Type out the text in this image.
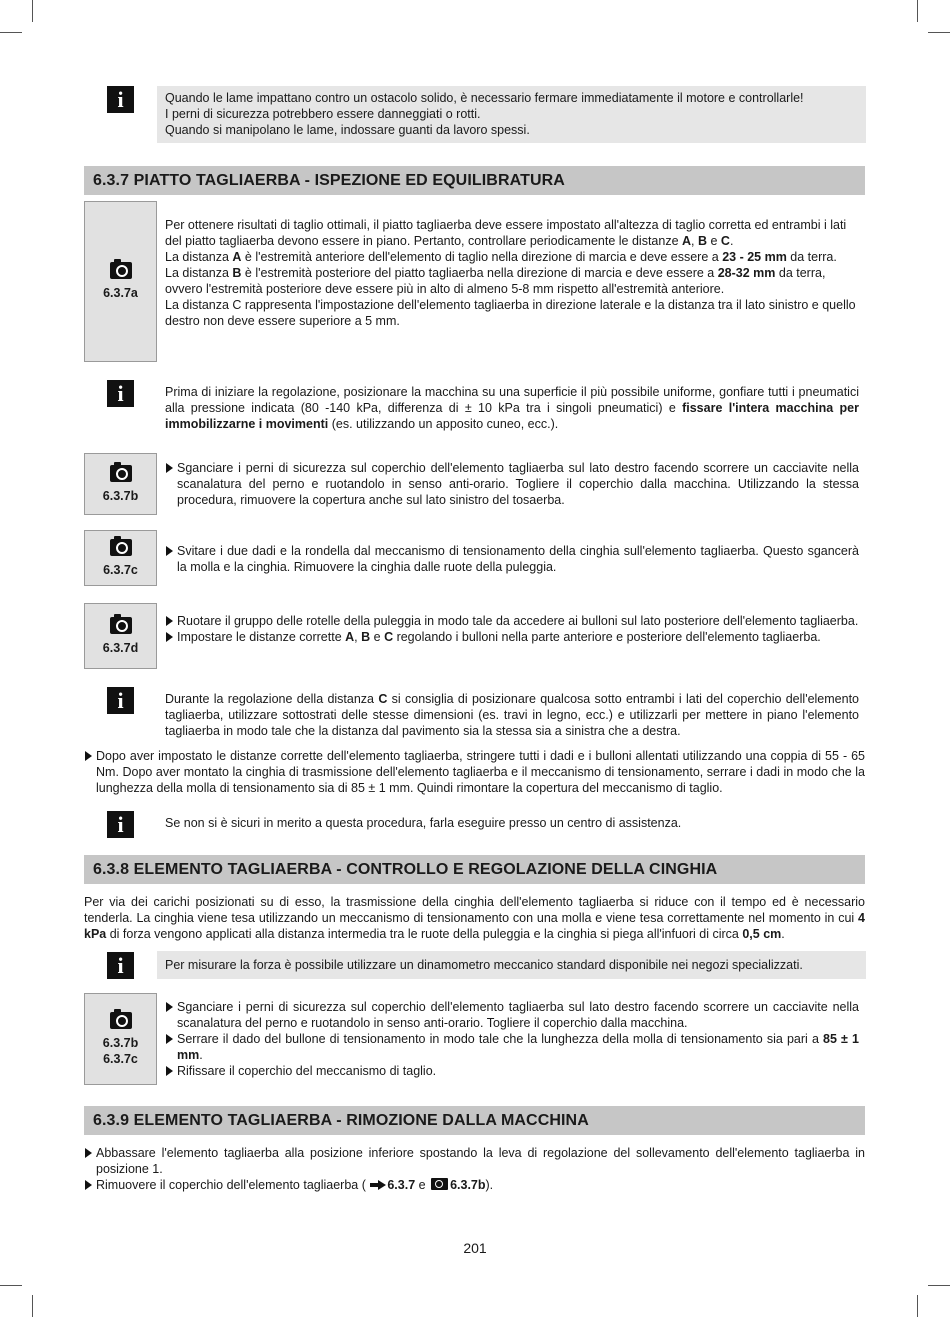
i	Quando le lame impattano contro un ostacolo solido, è necessario fermare immediatamente il motore e controllarle!
I perni di sicurezza potrebbero essere danneggiati o rotti.
Quando si manipolano le lame, indossare guanti da lavoro spessi.
6.3.7 PIATTO TAGLIAERBA - ISPEZIONE ED EQUILIBRATURA
6.3.7a
Per ottenere risultati di taglio ottimali, il piatto tagliaerba deve essere impostato all'altezza di taglio corretta ed entrambi i lati del piatto tagliaerba devono essere in piano. Pertanto, controllare periodicamente le distanze A, B e C.
La distanza A è l'estremità anteriore dell'elemento di taglio nella direzione di marcia e deve essere a 23 - 25 mm da terra.
La distanza B è l'estremità posteriore del piatto tagliaerba nella direzione di marcia e deve essere a 28-32 mm da terra, ovvero l'estremità posteriore deve essere più in alto di almeno 5-8 mm rispetto all'estremità anteriore.
La distanza C rappresenta l'impostazione dell'elemento tagliaerba in direzione laterale e la distanza tra il lato sinistro e quello destro non deve essere superiore a 5 mm.
i	Prima di iniziare la regolazione, posizionare la macchina su una superficie il più possibile uniforme, gonfiare tutti i pneumatici alla pressione indicata (80 -140 kPa, differenza di ± 10 kPa tra i singoli pneumatici) e fissare l'intera macchina per immobilizzarne i movimenti (es. utilizzando un apposito cuneo, ecc.).
6.3.7b
Sganciare i perni di sicurezza sul coperchio dell'elemento tagliaerba sul lato destro facendo scorrere un cacciavite nella scanalatura del perno e ruotandolo in senso anti-orario. Togliere il coperchio dalla macchina. Utilizzando la stessa procedura, rimuovere la copertura anche sul lato sinistro del tosaerba.
6.3.7c
Svitare i due dadi e la rondella dal meccanismo di tensionamento della cinghia sull'elemento tagliaerba. Questo sgancerà la molla e la cinghia. Rimuovere la cinghia dalle ruote della puleggia.
6.3.7d
Ruotare il gruppo delle rotelle della puleggia in modo tale da accedere ai bulloni sul lato posteriore dell'elemento tagliaerba.
Impostare le distanze corrette A, B e C regolando i bulloni nella parte anteriore e posteriore dell'elemento tagliaerba.
i	Durante la regolazione della distanza C si consiglia di posizionare qualcosa sotto entrambi i lati del coperchio dell'elemento tagliaerba, utilizzare sottostrati delle stesse dimensioni (es. travi in legno, ecc.) e utilizzarli per mettere in piano l'elemento tagliaerba in modo tale che la distanza dal pavimento sia la stessa sia a sinistra che a destra.
Dopo aver impostato le distanze corrette dell'elemento tagliaerba, stringere tutti i dadi e i bulloni allentati utilizzando una coppia di 55 - 65 Nm. Dopo aver montato la cinghia di trasmissione dell'elemento tagliaerba e il meccanismo di tensionamento, serrare i dadi in modo che la lunghezza della molla di tensionamento sia di 85 ± 1 mm. Quindi rimontare la copertura del meccanismo di taglio.
i	Se non si è sicuri in merito a questa procedura, farla eseguire presso un centro di assistenza.
6.3.8 ELEMENTO TAGLIAERBA - CONTROLLO E REGOLAZIONE DELLA CINGHIA
Per via dei carichi posizionati su di esso, la trasmissione della cinghia dell'elemento tagliaerba si riduce con il tempo ed è necessario tenderla. La cinghia viene tesa utilizzando un meccanismo di tensionamento con una molla e viene tesa correttamente nel momento in cui 4 kPa di forza vengono applicati alla distanza intermedia tra le ruote della puleggia e la cinghia si piega all'infuori di circa 0,5 cm.
i	Per misurare la forza è possibile utilizzare un dinamometro meccanico standard disponibile nei negozi specializzati.
6.3.7b
6.3.7c
Sganciare i perni di sicurezza sul coperchio dell'elemento tagliaerba sul lato destro facendo scorrere un cacciavite nella scanalatura del perno e ruotandolo in senso anti-orario. Togliere il coperchio dalla macchina.
Serrare il dado del bullone di tensionamento in modo tale che la lunghezza della molla di tensionamento sia pari a 85 ± 1 mm.
Rifissare il coperchio del meccanismo di taglio.
6.3.9 ELEMENTO TAGLIAERBA - RIMOZIONE DALLA MACCHINA
Abbassare l'elemento tagliaerba alla posizione inferiore spostando la leva di regolazione del sollevamento dell'elemento tagliaerba in posizione 1.
Rimuovere il coperchio dell'elemento tagliaerba ( 6.3.7 e 6.3.7b).
201
